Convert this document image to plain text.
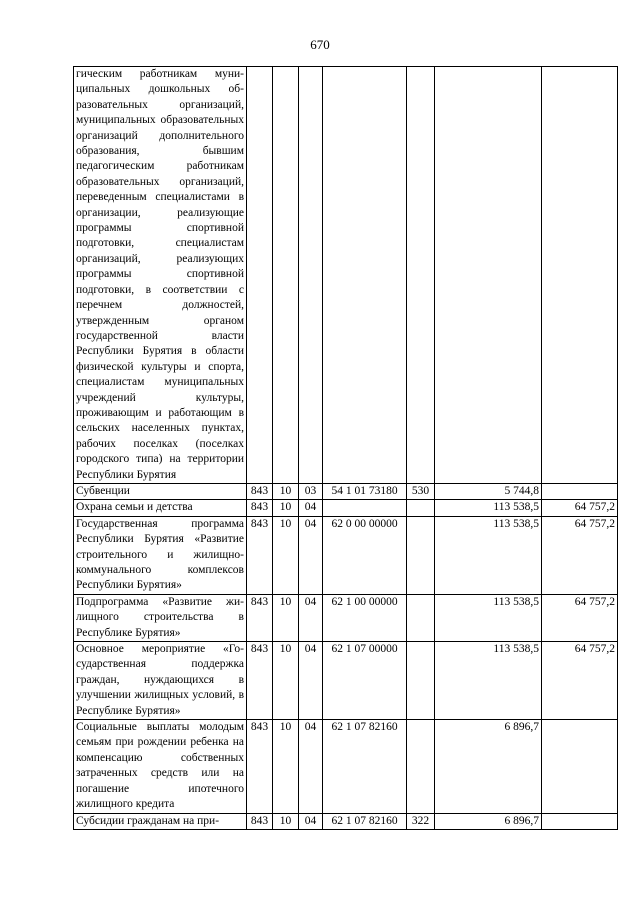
670
гическим работникам муниципальных дошкольных образовательных организаций, муниципальных образовательных организаций дополнительного образования, бывшим педагогическим работникам образовательных организаций, переведенным специалистами в организации, реализующие программы спортивной подготовки, специалистам организаций, реализующих программы спортивной подготовки, в соответствии с перечнем должностей, утвержденным органом государственной власти Республики Бурятия в области физической культуры и спорта, специалистам муниципальных учреждений культуры, проживающим и работающим в сельских населенных пунктах, рабочих поселках (поселках городского типа) на территории Республики Бурятия							
Субвенции	843	10	03	54 1 01 73180	530	5 744,8	
Охрана семьи и детства	843	10	04			113 538,5	64 757,2
Государственная программа Республики Бурятия «Развитие строительного и жилищно-коммунального комплексов Республики Бурятия»	843	10	04	62 0 00 00000		113 538,5	64 757,2
Подпрограмма «Развитие жилищного строительства в Республике Бурятия»	843	10	04	62 1 00 00000		113 538,5	64 757,2
Основное мероприятие «Государственная поддержка граждан, нуждающихся в улучшении жилищных условий, в Республике Бурятия»	843	10	04	62 1 07 00000		113 538,5	64 757,2
Социальные выплаты молодым семьям при рождении ребенка на компенсацию собственных затраченных средств или на погашение ипотечного жилищного кредита	843	10	04	62 1 07 82160		6 896,7	
Субсидии гражданам на при-	843	10	04	62 1 07 82160	322	6 896,7	
